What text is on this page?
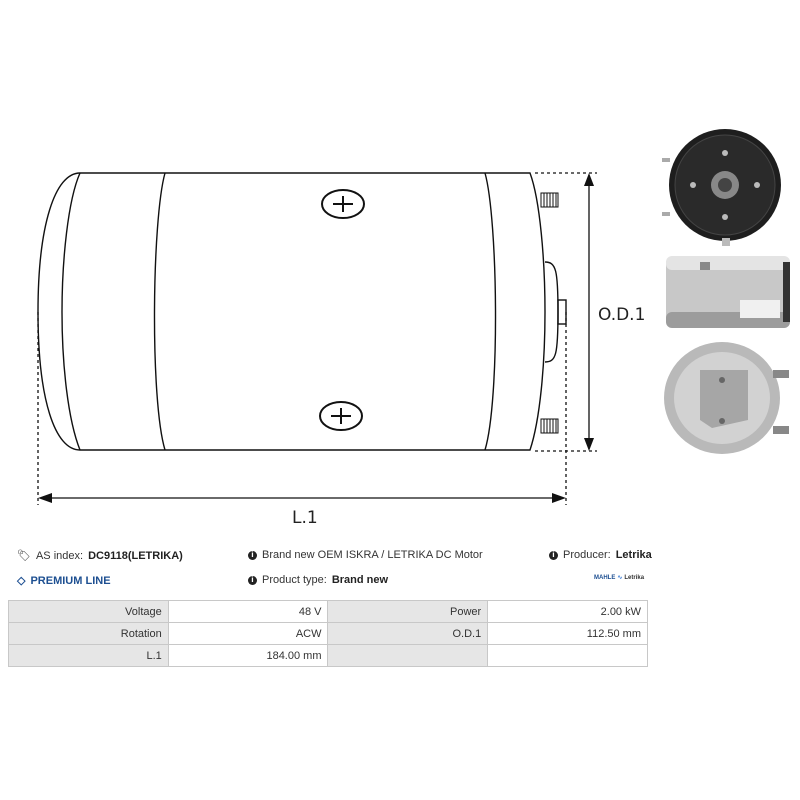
O.D.1
L.1
🏷 AS index: DC9118(LETRIKA)	i Brand new OEM ISKRA / LETRIKA DC Motor	i Producer: Letrika
◇ PREMIUM LINE	i Product type: Brand new	MAHLE ∿ Letrika
Voltage	48 V	Power	2.00 kW
Rotation	ACW	O.D.1	112.50 mm
L.1	184.00 mm		
